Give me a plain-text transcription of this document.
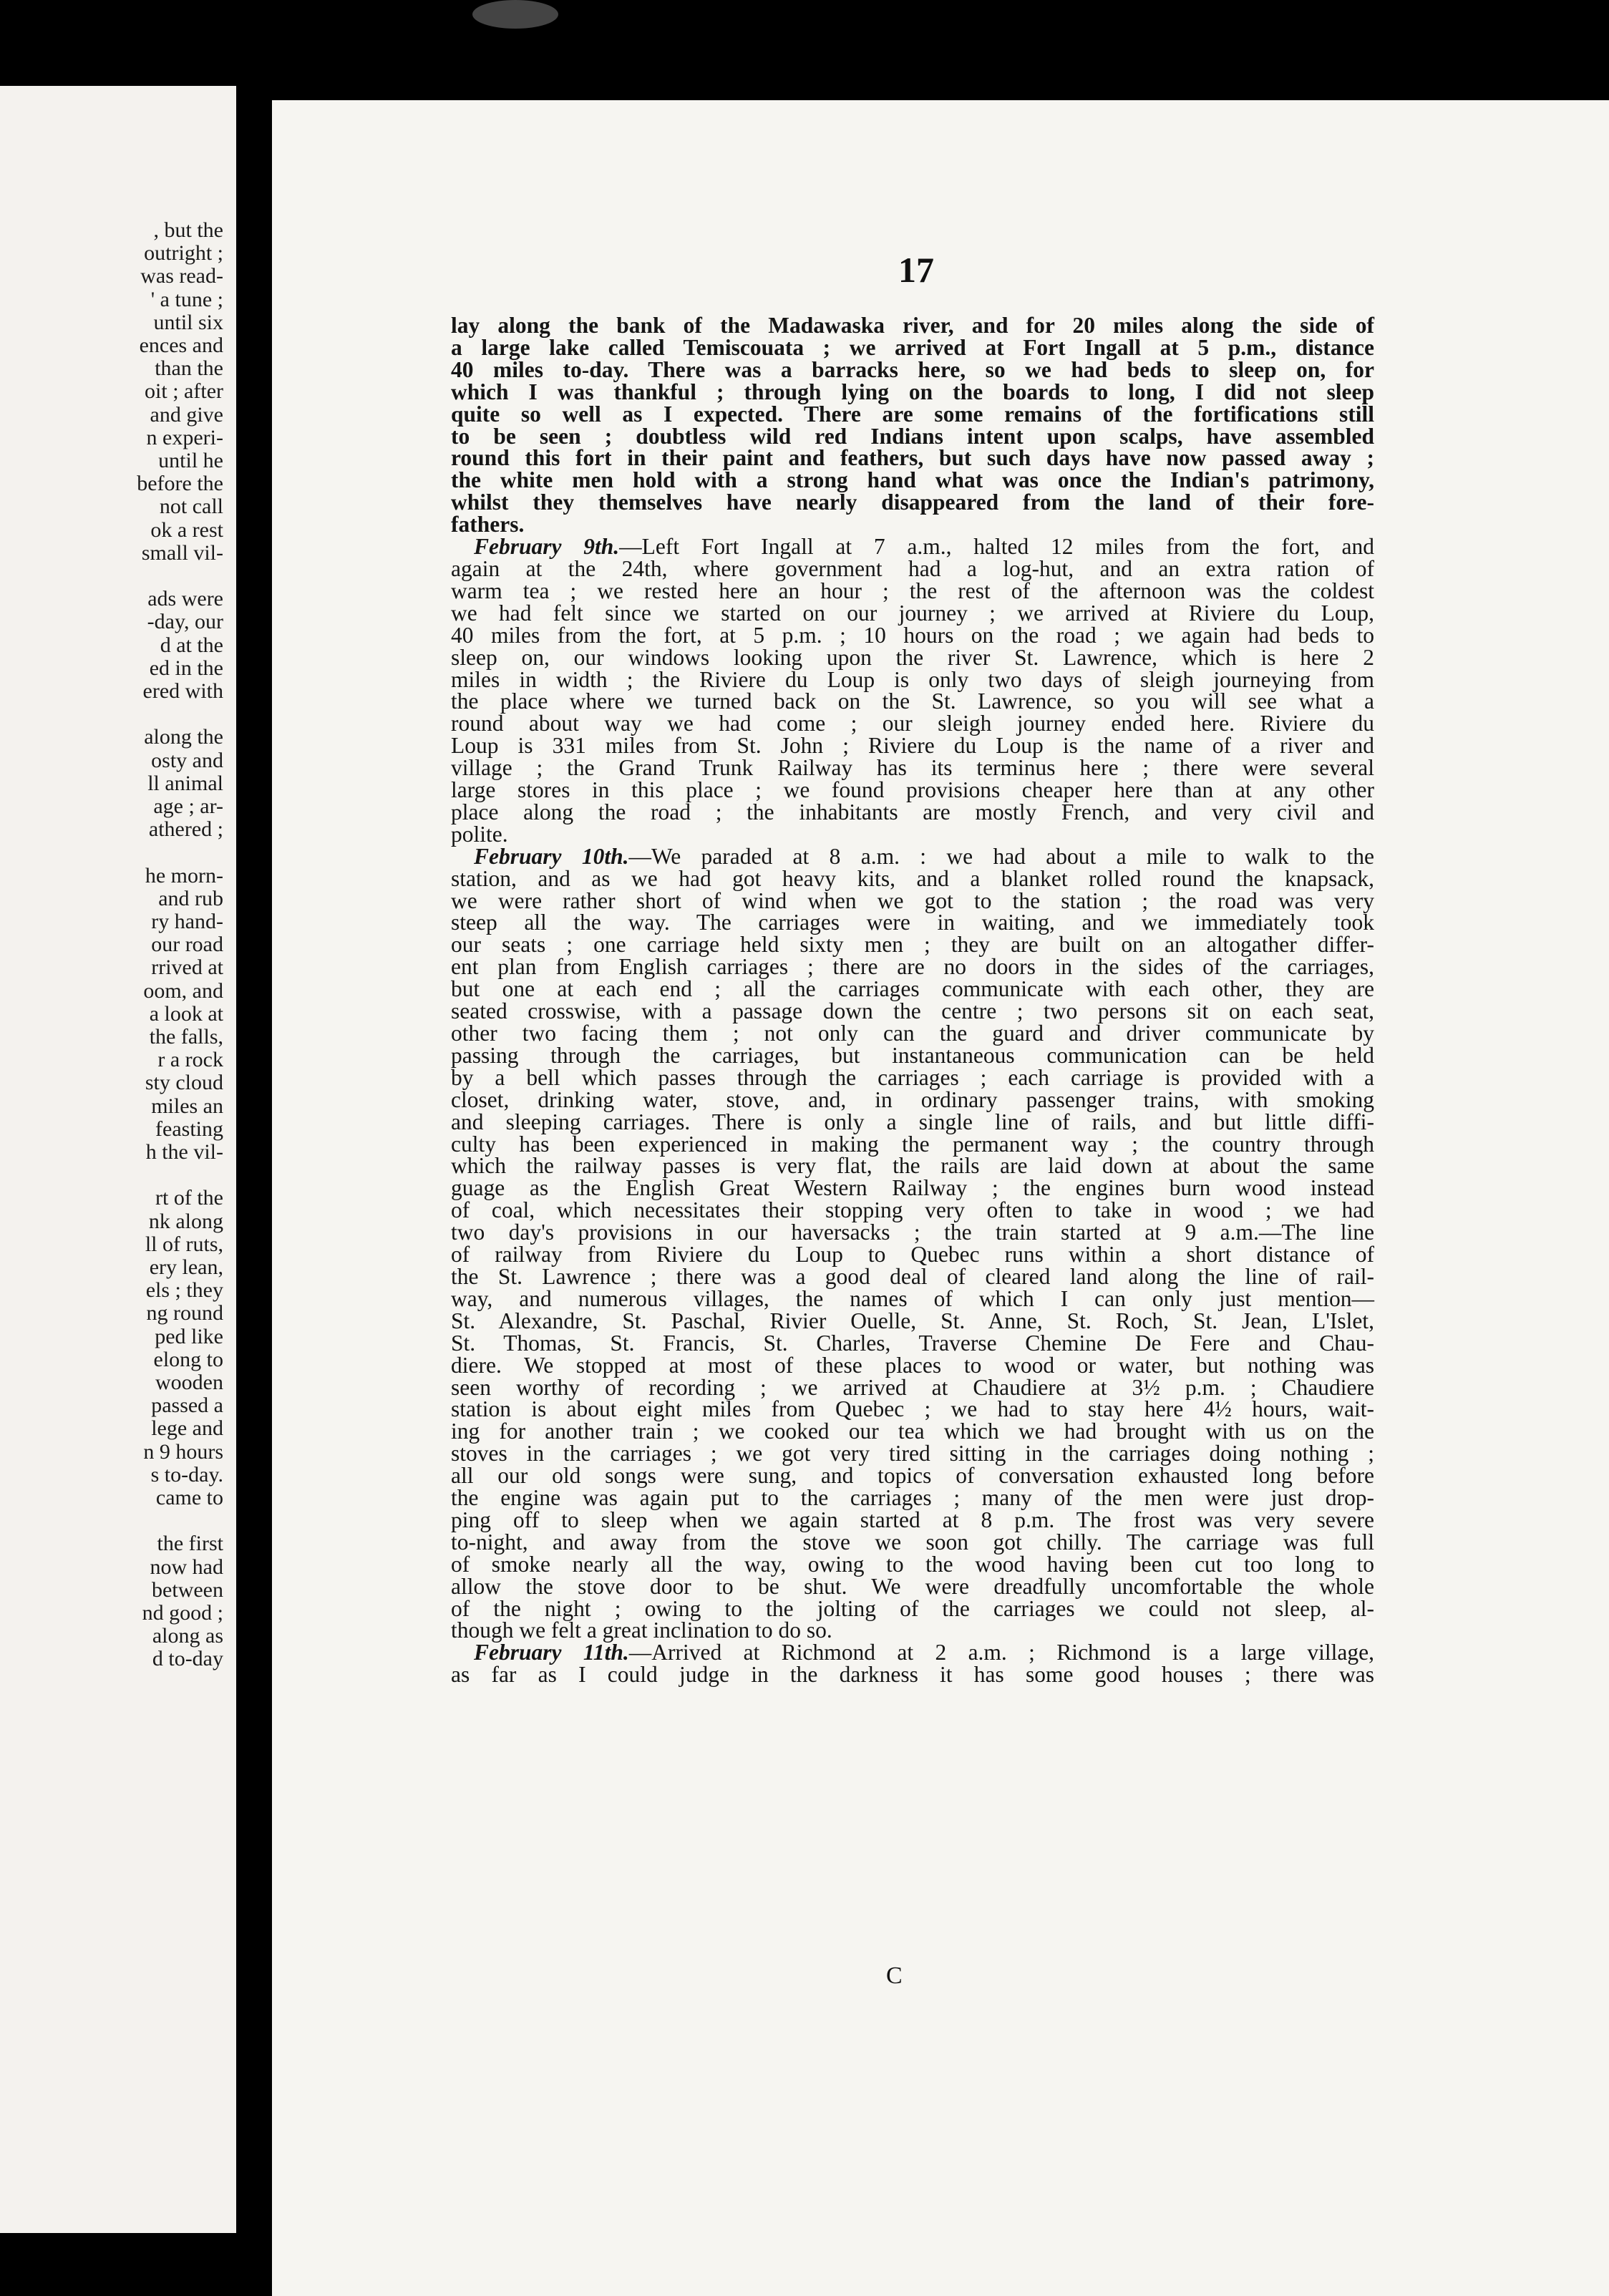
, but the
outright ;
was read-
' a tune ;
until six
ences and
than the
oit ; after
and give
n experi-
until he
before the
not call
ok a rest
small vil-
ads were
-day, our
d at the
ed in the
ered with
along the
osty and
ll animal
age ; ar-
athered ;
he morn-
and rub
ry hand-
our road
rrived at
oom, and
a look at
the falls,
r a rock
sty cloud
miles an
feasting
h the vil-
rt of the
nk along
ll of ruts,
ery lean,
els ; they
ng round
ped like
elong to
wooden
passed a
lege and
n 9 hours
s to-day.
came to
the first
now had
between
nd good ;
along as
d to-day
17
lay along the bank of the Madawaska river, and for 20 miles along the side of
a large lake called Temiscouata ; we arrived at Fort Ingall at 5 p.m., distance
40 miles to-day. There was a barracks here, so we had beds to sleep on, for
which I was thankful ; through lying on the boards to long, I did not sleep
quite so well as I expected. There are some remains of the fortifications still
to be seen ; doubtless wild red Indians intent upon scalps, have assembled
round this fort in their paint and feathers, but such days have now passed away ;
the white men hold with a strong hand what was once the Indian's patrimony,
whilst they themselves have nearly disappeared from the land of their fore-
fathers.
February 9th.—Left Fort Ingall at 7 a.m., halted 12 miles from the fort, and
again at the 24th, where government had a log-hut, and an extra ration of
warm tea ; we rested here an hour ; the rest of the afternoon was the coldest
we had felt since we started on our journey ; we arrived at Riviere du Loup,
40 miles from the fort, at 5 p.m. ; 10 hours on the road ; we again had beds to
sleep on, our windows looking upon the river St. Lawrence, which is here 2
miles in width ; the Riviere du Loup is only two days of sleigh journeying from
the place where we turned back on the St. Lawrence, so you will see what a
round about way we had come ; our sleigh journey ended here. Riviere du
Loup is 331 miles from St. John ; Riviere du Loup is the name of a river and
village ; the Grand Trunk Railway has its terminus here ; there were several
large stores in this place ; we found provisions cheaper here than at any other
place along the road ; the inhabitants are mostly French, and very civil and
polite.
February 10th.—We paraded at 8 a.m. : we had about a mile to walk to the
station, and as we had got heavy kits, and a blanket rolled round the knapsack,
we were rather short of wind when we got to the station ; the road was very
steep all the way. The carriages were in waiting, and we immediately took
our seats ; one carriage held sixty men ; they are built on an altogather differ-
ent plan from English carriages ; there are no doors in the sides of the carriages,
but one at each end ; all the carriages communicate with each other, they are
seated crosswise, with a passage down the centre ; two persons sit on each seat,
other two facing them ; not only can the guard and driver communicate by
passing through the carriages, but instantaneous communication can be held
by a bell which passes through the carriages ; each carriage is provided with a
closet, drinking water, stove, and, in ordinary passenger trains, with smoking
and sleeping carriages. There is only a single line of rails, and but little diffi-
culty has been experienced in making the permanent way ; the country through
which the railway passes is very flat, the rails are laid down at about the same
guage as the English Great Western Railway ; the engines burn wood instead
of coal, which necessitates their stopping very often to take in wood ; we had
two day's provisions in our haversacks ; the train started at 9 a.m.—The line
of railway from Riviere du Loup to Quebec runs within a short distance of
the St. Lawrence ; there was a good deal of cleared land along the line of rail-
way, and numerous villages, the names of which I can only just mention—
St. Alexandre, St. Paschal, Rivier Ouelle, St. Anne, St. Roch, St. Jean, L'Islet,
St. Thomas, St. Francis, St. Charles, Traverse Chemine De Fere and Chau-
diere. We stopped at most of these places to wood or water, but nothing was
seen worthy of recording ; we arrived at Chaudiere at 3½ p.m. ; Chaudiere
station is about eight miles from Quebec ; we had to stay here 4½ hours, wait-
ing for another train ; we cooked our tea which we had brought with us on the
stoves in the carriages ; we got very tired sitting in the carriages doing nothing ;
all our old songs were sung, and topics of conversation exhausted long before
the engine was again put to the carriages ; many of the men were just drop-
ping off to sleep when we again started at 8 p.m. The frost was very severe
to-night, and away from the stove we soon got chilly. The carriage was full
of smoke nearly all the way, owing to the wood having been cut too long to
allow the stove door to be shut. We were dreadfully uncomfortable the whole
of the night ; owing to the jolting of the carriages we could not sleep, al-
though we felt a great inclination to do so.
February 11th.—Arrived at Richmond at 2 a.m. ; Richmond is a large village,
as far as I could judge in the darkness it has some good houses ; there was
C
